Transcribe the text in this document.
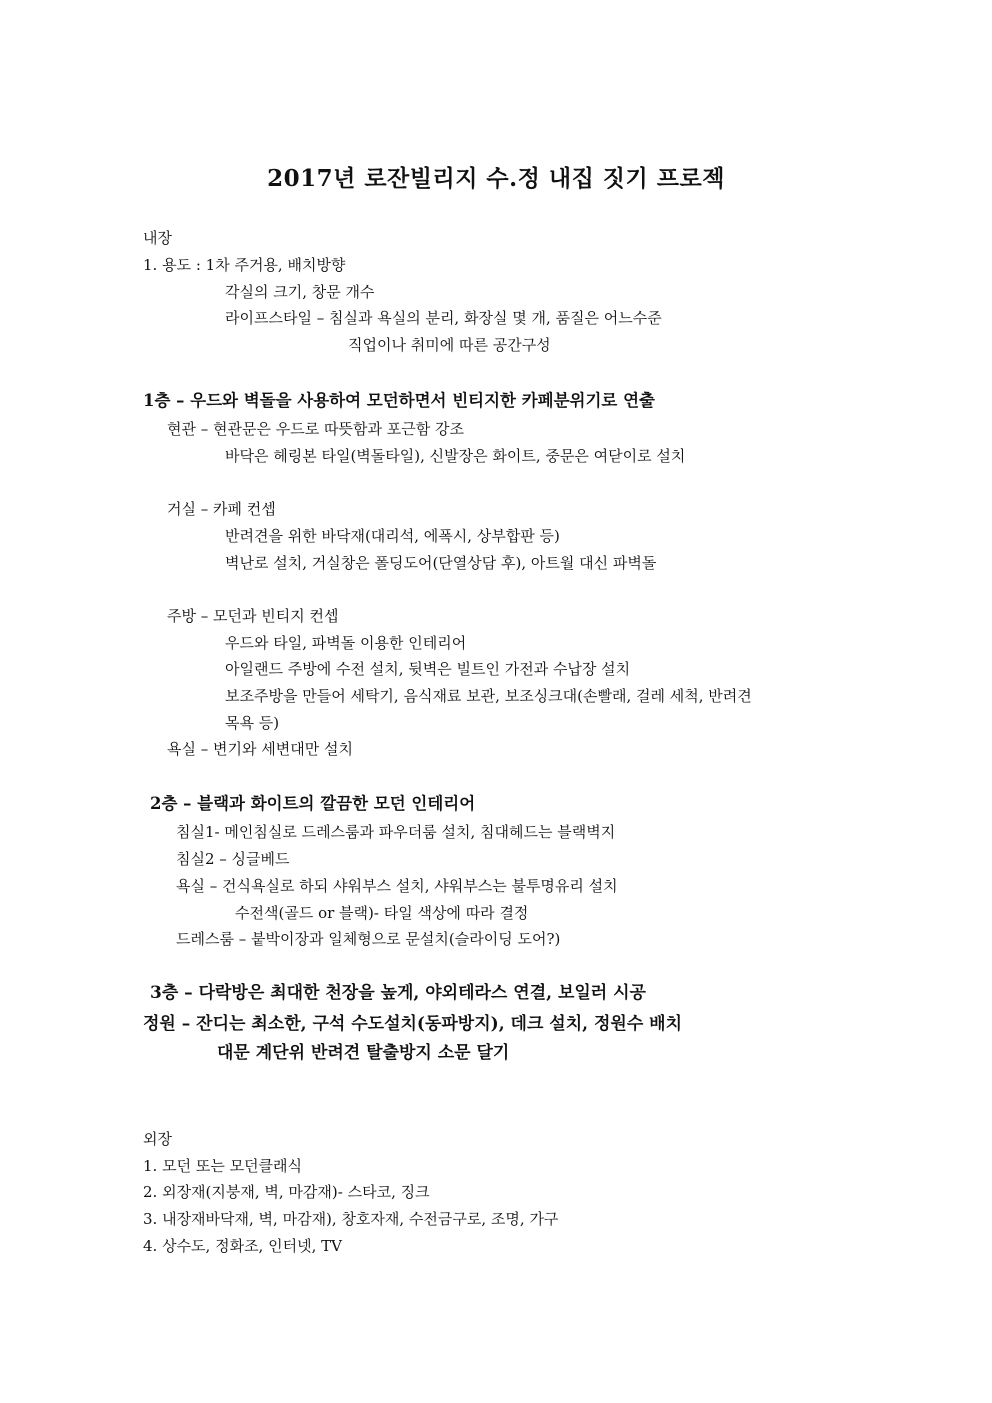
2017년 로잔빌리지 수.정 내집 짓기 프로젝
내장
1. 용도 : 1차 주거용, 배치방향
각실의 크기, 창문 개수
라이프스타일 – 침실과 욕실의 분리, 화장실 몇 개, 품질은 어느수준
직업이나 취미에 따른 공간구성
1층 – 우드와 벽돌을 사용하여 모던하면서 빈티지한 카페분위기로 연출
현관 – 현관문은 우드로 따뜻함과 포근함 강조
바닥은 헤링본 타일(벽돌타일), 신발장은 화이트, 중문은 여닫이로 설치
거실 – 카페 컨셉
반려견을 위한 바닥재(대리석, 에폭시, 상부합판 등)
벽난로 설치, 거실창은 폴딩도어(단열상담 후), 아트월 대신 파벽돌
주방 – 모던과 빈티지 컨셉
우드와 타일, 파벽돌 이용한 인테리어
아일랜드 주방에 수전 설치, 뒷벽은 빌트인 가전과 수납장 설치
보조주방을 만들어 세탁기, 음식재료 보관, 보조싱크대(손빨래, 걸레 세척, 반려견
목욕 등)
욕실 – 변기와 세변대만 설치
2층 – 블랙과 화이트의 깔끔한 모던 인테리어
침실1- 메인침실로 드레스룸과 파우더룸 설치, 침대헤드는 블랙벽지
침실2 – 싱글베드
욕실 – 건식욕실로 하되 샤워부스 설치, 샤워부스는 불투명유리 설치
수전색(골드 or 블랙)- 타일 색상에 따라 결정
드레스룸 – 붙박이장과 일체형으로 문설치(슬라이딩 도어?)
3층 – 다락방은 최대한 천장을 높게, 야외테라스 연결, 보일러 시공
정원 – 잔디는 최소한, 구석 수도설치(동파방지), 데크 설치, 정원수 배치
대문 계단위 반려견 탈출방지 소문 달기
외장
1. 모던 또는 모던클래식
2. 외장재(지붕재, 벽, 마감재)- 스타코, 징크
3. 내장재바닥재, 벽, 마감재), 창호자재, 수전금구로, 조명, 가구
4. 상수도, 정화조, 인터넷, TV
